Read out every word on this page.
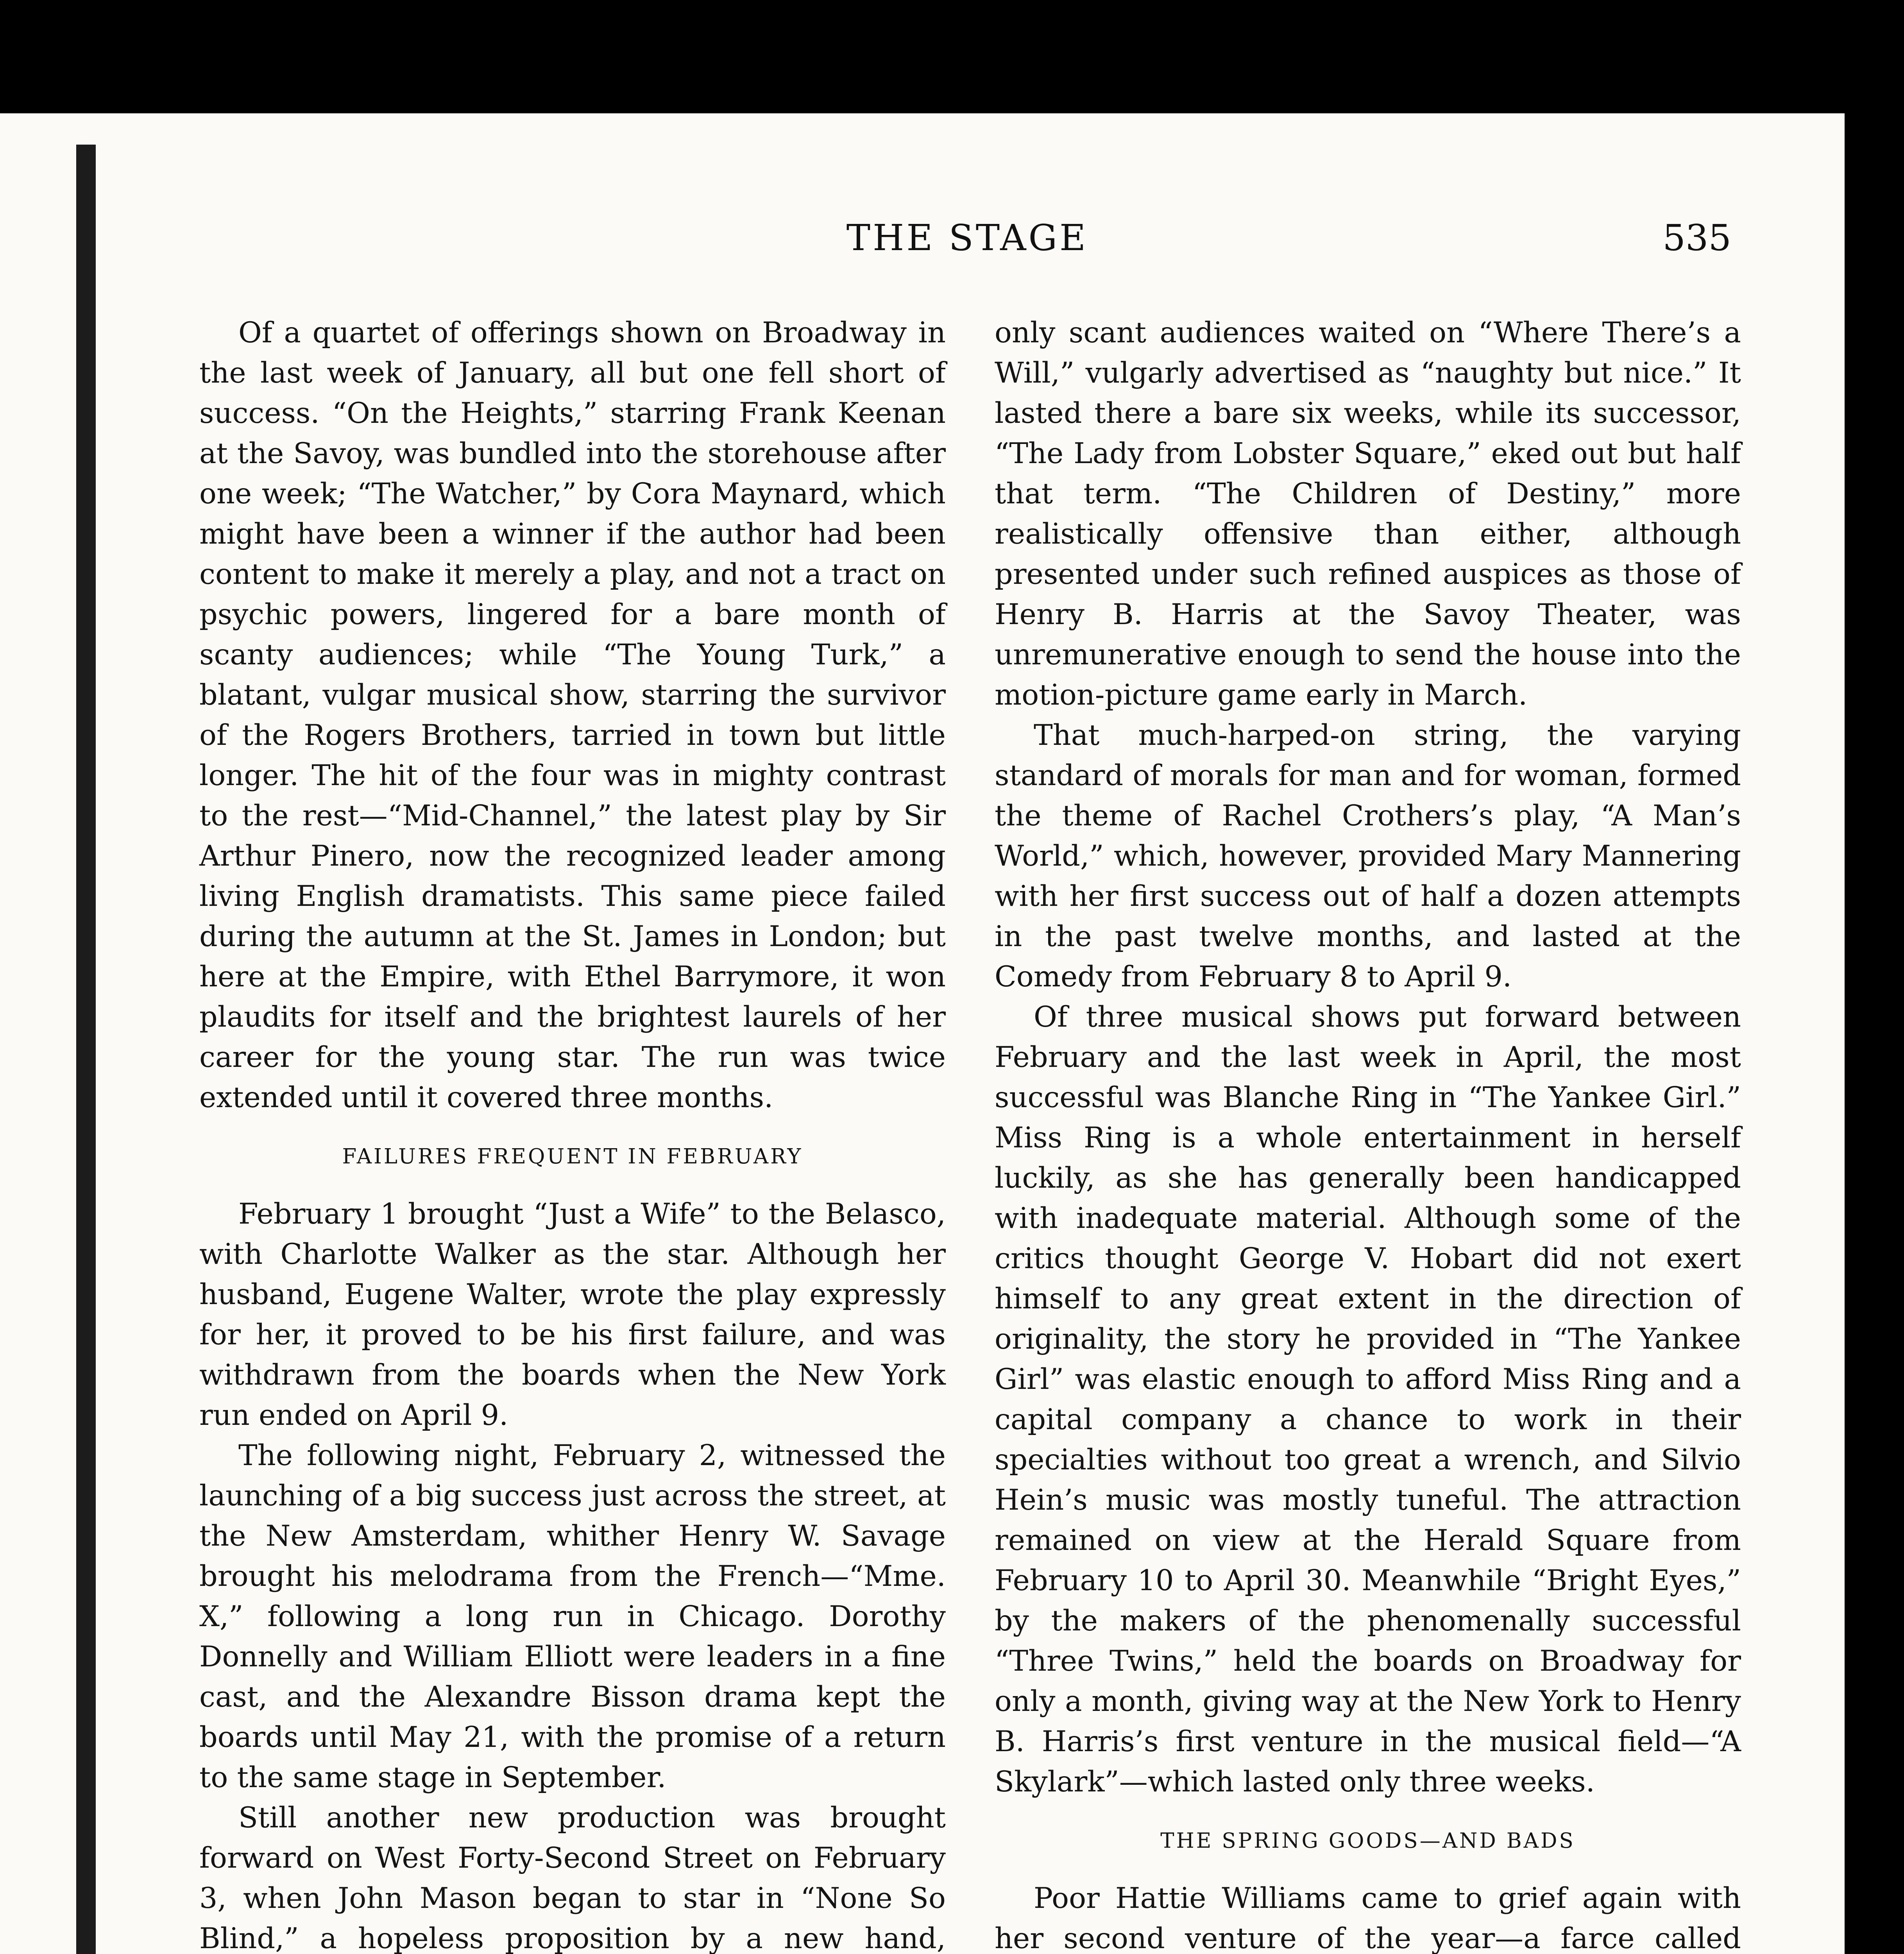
THE STAGE	535

Of a quartet of offerings shown on Broadway in the last week of January, all but one fell short of success. “On the Heights,” starring Frank Keenan at the Savoy, was bundled into the storehouse after one week; “The Watcher,” by Cora Maynard, which might have been a winner if the author had been content to make it merely a play, and not a tract on psychic powers, lingered for a bare month of scanty audiences; while “The Young Turk,” a blatant, vulgar musical show, starring the survivor of the Rogers Brothers, tarried in town but little longer. The hit of the four was in mighty contrast to the rest—“Mid-Channel,” the latest play by Sir Arthur Pinero, now the recognized leader among living English dramatists. This same piece failed during the autumn at the St. James in London; but here at the Empire, with Ethel Barrymore, it won plaudits for itself and the brightest laurels of her career for the young star. The run was twice extended until it covered three months.

FAILURES FREQUENT IN FEBRUARY

February 1 brought “Just a Wife” to the Belasco, with Charlotte Walker as the star. Although her husband, Eugene Walter, wrote the play expressly for her, it proved to be his first failure, and was withdrawn from the boards when the New York run ended on April 9.

The following night, February 2, witnessed the launching of a big success just across the street, at the New Amsterdam, whither Henry W. Savage brought his melodrama from the French—“Mme. X,” following a long run in Chicago. Dorothy Donnelly and William Elliott were leaders in a fine cast, and the Alexandre Bisson drama kept the boards until May 21, with the promise of a return to the same stage in September.

Still another new production was brought forward on West Forty-Second Street on February 3, when John Mason began to star in “None So Blind,” a hopeless proposition by a new hand,

only scant audiences waited on “Where There’s a Will,” vulgarly advertised as “naughty but nice.” It lasted there a bare six weeks, while its successor, “The Lady from Lobster Square,” eked out but half that term. “The Children of Destiny,” more realistically offensive than either, although presented under such refined auspices as those of Henry B. Harris at the Savoy Theater, was unremunerative enough to send the house into the motion-picture game early in March.

That much-harped-on string, the varying standard of morals for man and for woman, formed the theme of Rachel Crothers’s play, “A Man’s World,” which, however, provided Mary Mannering with her first success out of half a dozen attempts in the past twelve months, and lasted at the Comedy from February 8 to April 9.

Of three musical shows put forward between February and the last week in April, the most successful was Blanche Ring in “The Yankee Girl.” Miss Ring is a whole entertainment in herself luckily, as she has generally been handicapped with inadequate material. Although some of the critics thought George V. Hobart did not exert himself to any great extent in the direction of originality, the story he provided in “The Yankee Girl” was elastic enough to afford Miss Ring and a capital company a chance to work in their specialties without too great a wrench, and Silvio Hein’s music was mostly tuneful. The attraction remained on view at the Herald Square from February 10 to April 30. Meanwhile “Bright Eyes,” by the makers of the phenomenally successful “Three Twins,” held the boards on Broadway for only a month, giving way at the New York to Henry B. Harris’s first venture in the musical field—“A Skylark”—which lasted only three weeks.

THE SPRING GOODS—AND BADS

Poor Hattie Williams came to grief again with her second venture of the year—a farce called
